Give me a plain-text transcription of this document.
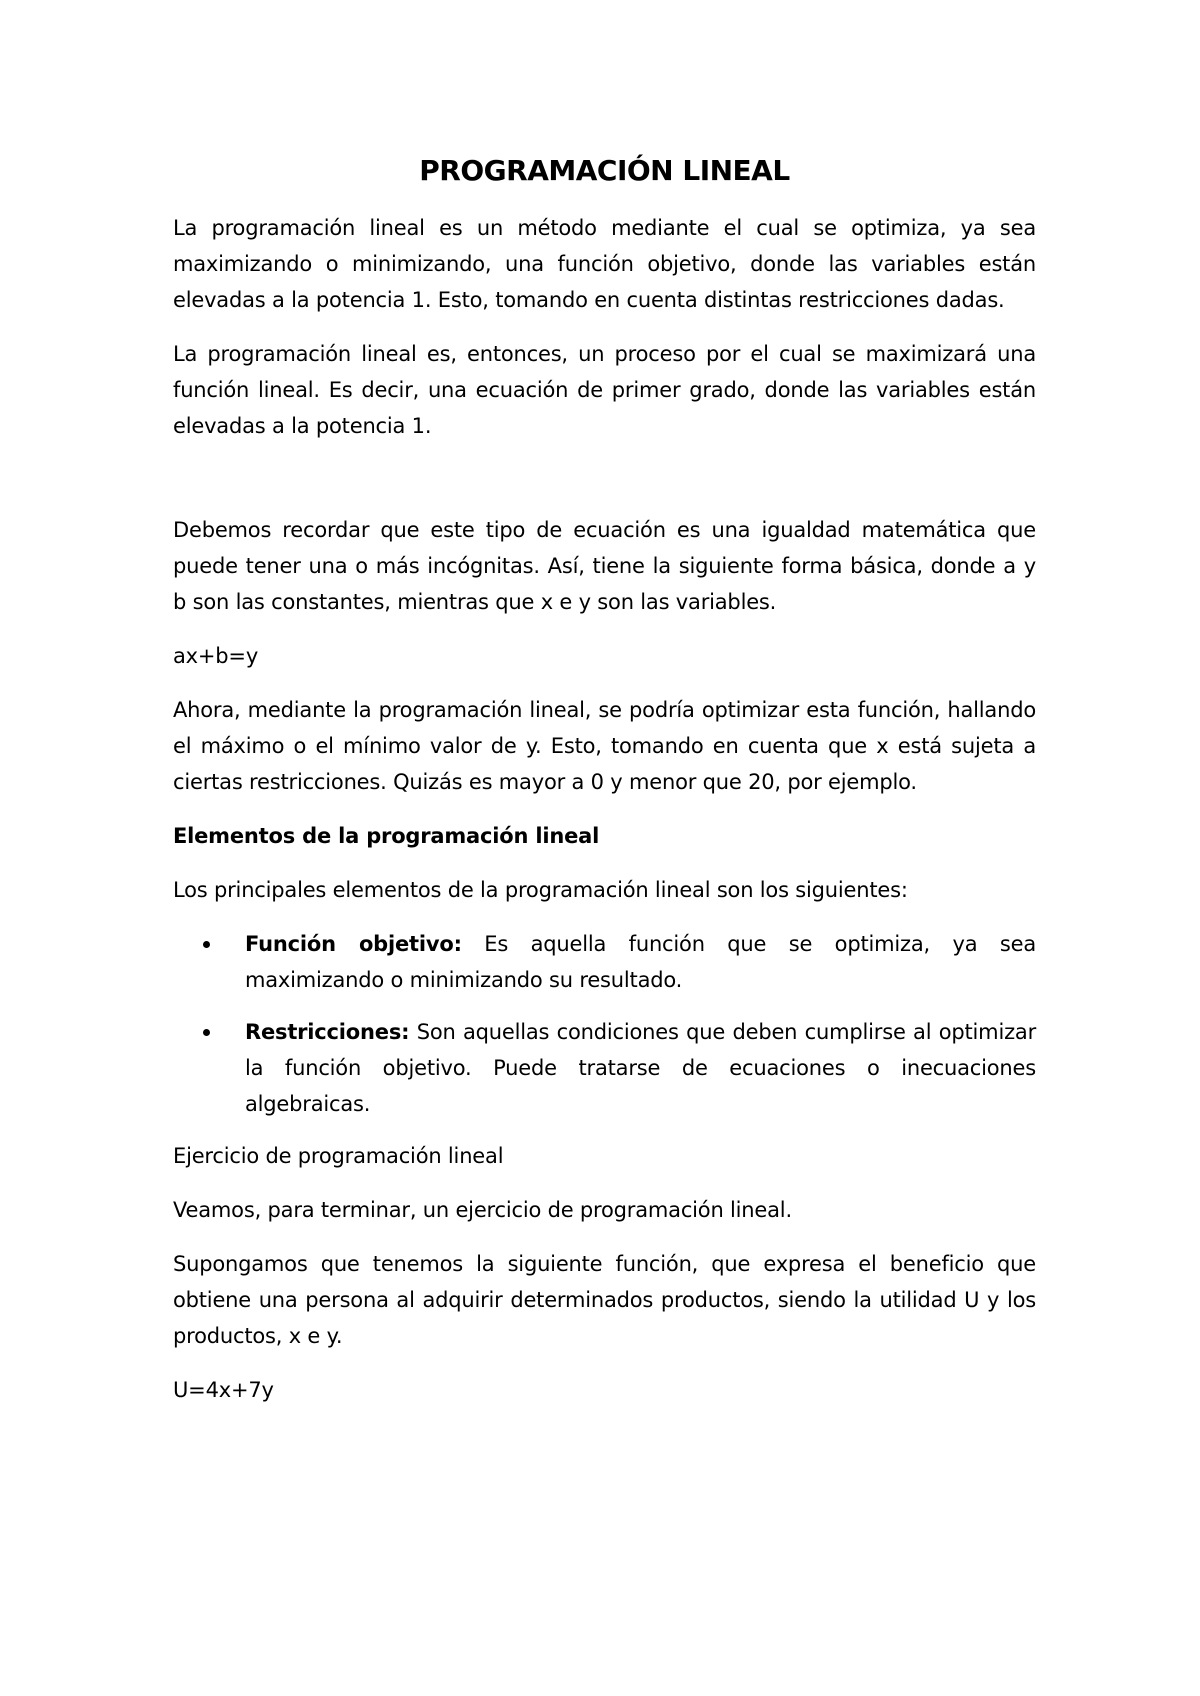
PROGRAMACIÓN LINEAL

La programación lineal es un método mediante el cual se optimiza, ya sea maximizando o minimizando, una función objetivo, donde las variables están elevadas a la potencia 1. Esto, tomando en cuenta distintas restricciones dadas.

La programación lineal es, entonces, un proceso por el cual se maximizará una función lineal. Es decir, una ecuación de primer grado, donde las variables están elevadas a la potencia 1.

Debemos recordar que este tipo de ecuación es una igualdad matemática que puede tener una o más incógnitas. Así, tiene la siguiente forma básica, donde a y b son las constantes, mientras que x e y son las variables.

ax+b=y

Ahora, mediante la programación lineal, se podría optimizar esta función, hallando el máximo o el mínimo valor de y. Esto, tomando en cuenta que x está sujeta a ciertas restricciones. Quizás es mayor a 0 y menor que 20, por ejemplo.

Elementos de la programación lineal

Los principales elementos de la programación lineal son los siguientes:

Función objetivo: Es aquella función que se optimiza, ya sea maximizando o minimizando su resultado.
Restricciones: Son aquellas condiciones que deben cumplirse al optimizar la función objetivo. Puede tratarse de ecuaciones o inecuaciones algebraicas.

Ejercicio de programación lineal

Veamos, para terminar, un ejercicio de programación lineal.

Supongamos que tenemos la siguiente función, que expresa el beneficio que obtiene una persona al adquirir determinados productos, siendo la utilidad U y los productos, x e y.

U=4x+7y
